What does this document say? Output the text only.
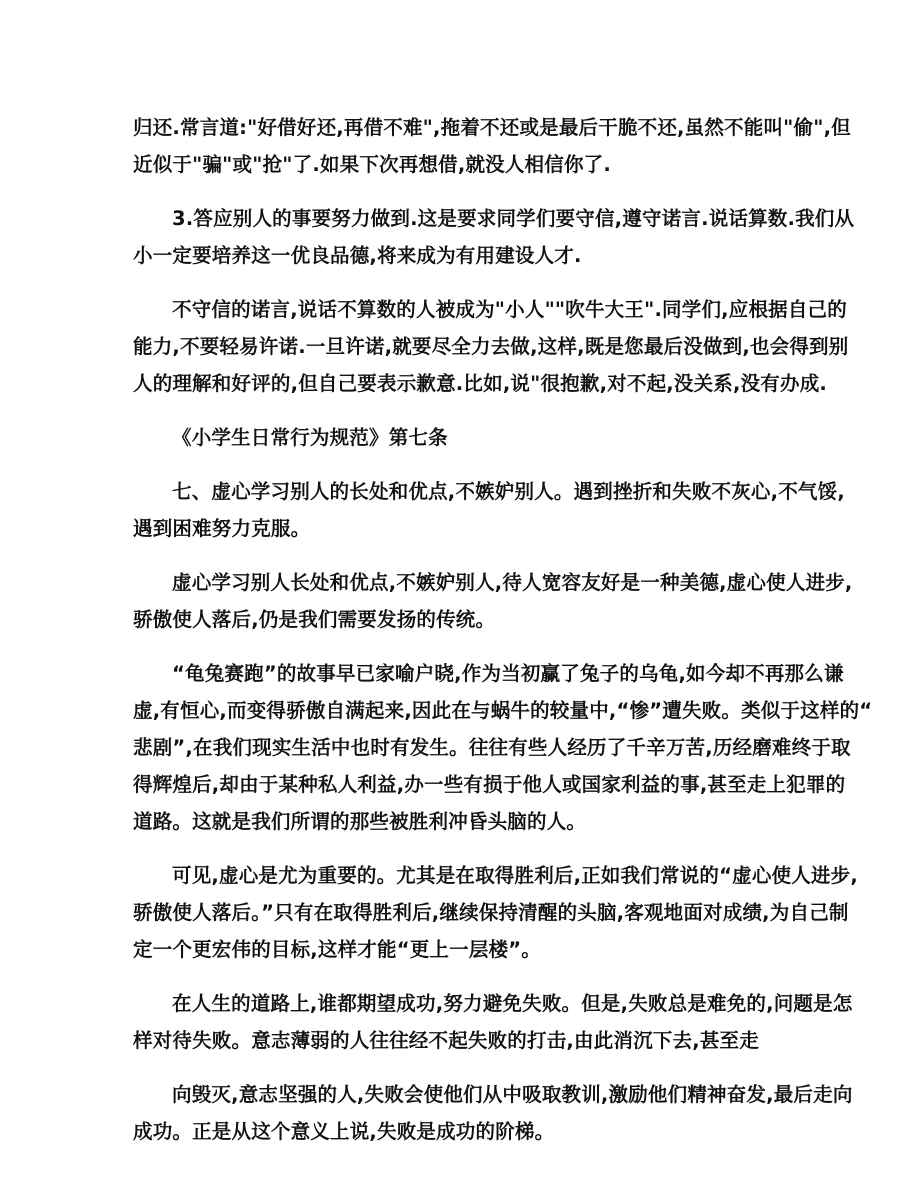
归还.常言道:"好借好还,再借不难",拖着不还或是最后干脆不还,虽然不能叫"偷",但
近似于"骗"或"抢"了.如果下次再想借,就没人相信你了.
3.答应别人的事要努力做到.这是要求同学们要守信,遵守诺言.说话算数.我们从
小一定要培养这一优良品德,将来成为有用建设人才.
不守信的诺言,说话不算数的人被成为"小人""吹牛大王".同学们,应根据自己的
能力,不要轻易许诺.一旦许诺,就要尽全力去做,这样,既是您最后没做到,也会得到别
人的理解和好评的,但自己要表示歉意.比如,说"很抱歉,对不起,没关系,没有办成.
《小学生日常行为规范》第七条
七、虚心学习别人的长处和优点,不嫉妒别人。遇到挫折和失败不灰心,不气馁,
遇到困难努力克服。
虚心学习别人长处和优点,不嫉妒别人,待人宽容友好是一种美德,虚心使人进步,
骄傲使人落后,仍是我们需要发扬的传统。
“龟兔赛跑”的故事早已家喻户晓,作为当初赢了兔子的乌龟,如今却不再那么谦
虚,有恒心,而变得骄傲自满起来,因此在与蜗牛的较量中,“惨”遭失败。类似于这样的“
悲剧”,在我们现实生活中也时有发生。往往有些人经历了千辛万苦,历经磨难终于取
得辉煌后,却由于某种私人利益,办一些有损于他人或国家利益的事,甚至走上犯罪的
道路。这就是我们所谓的那些被胜利冲昏头脑的人。
可见,虚心是尤为重要的。尤其是在取得胜利后,正如我们常说的“虚心使人进步,
骄傲使人落后。”只有在取得胜利后,继续保持清醒的头脑,客观地面对成绩,为自己制
定一个更宏伟的目标,这样才能“更上一层楼”。
在人生的道路上,谁都期望成功,努力避免失败。但是,失败总是难免的,问题是怎
样对待失败。意志薄弱的人往往经不起失败的打击,由此消沉下去,甚至走
向毁灭,意志坚强的人,失败会使他们从中吸取教训,激励他们精神奋发,最后走向
成功。正是从这个意义上说,失败是成功的阶梯。
